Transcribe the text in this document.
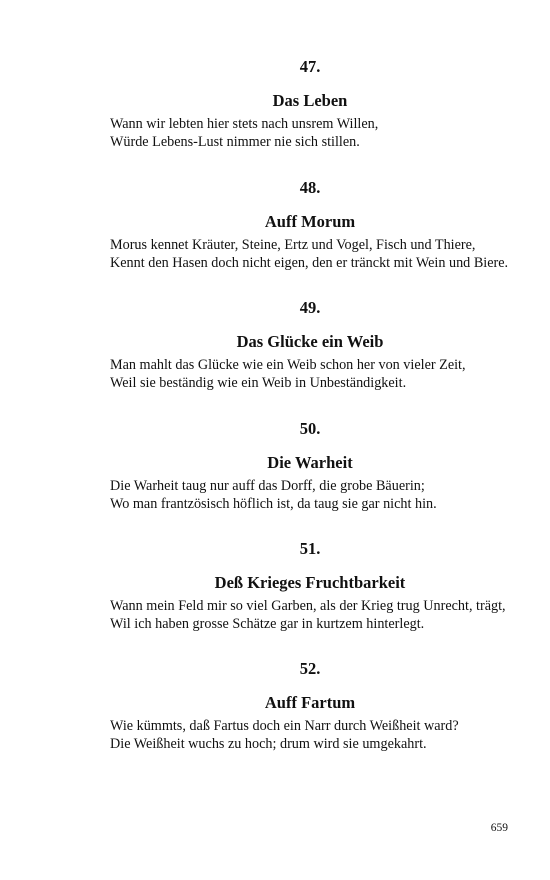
47.
Das Leben
Wann wir lebten hier stets nach unsrem Willen,
Würde Lebens-Lust nimmer nie sich stillen.
48.
Auff Morum
Morus kennet Kräuter, Steine, Ertz und Vogel, Fisch und Thiere,
Kennt den Hasen doch nicht eigen, den er tränckt mit Wein und Biere.
49.
Das Glücke ein Weib
Man mahlt das Glücke wie ein Weib schon her von vieler Zeit,
Weil sie beständig wie ein Weib in Unbeständigkeit.
50.
Die Warheit
Die Warheit taug nur auff das Dorff, die grobe Bäuerin;
Wo man frantzösisch höflich ist, da taug sie gar nicht hin.
51.
Deß Krieges Fruchtbarkeit
Wann mein Feld mir so viel Garben, als der Krieg trug Unrecht, trägt,
Wil ich haben grosse Schätze gar in kurtzem hinterlegt.
52.
Auff Fartum
Wie kümmts, daß Fartus doch ein Narr durch Weißheit ward?
Die Weißheit wuchs zu hoch; drum wird sie umgekahrt.
659
